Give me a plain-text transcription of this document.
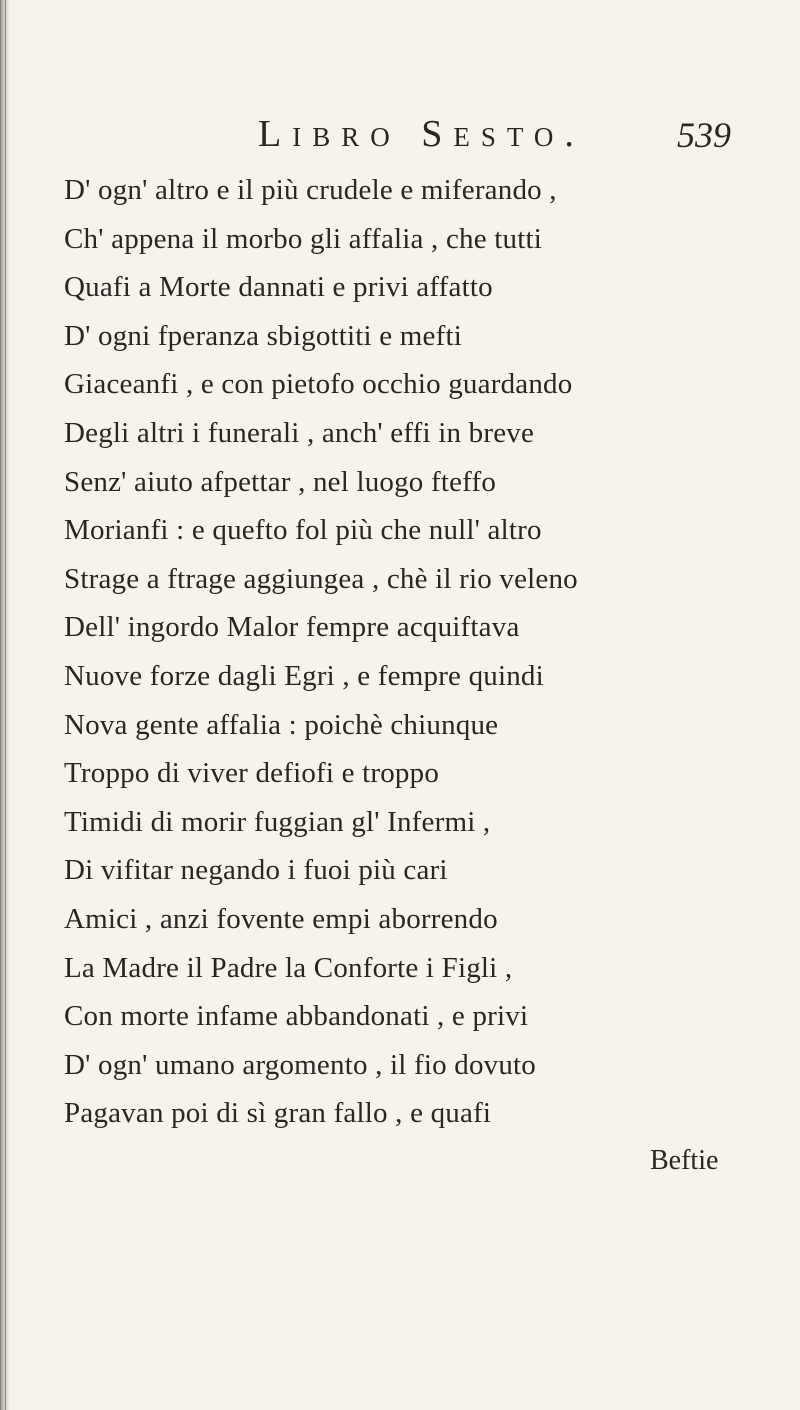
Libro Sesto.	539
D' ogn' altro e il più crudele e miferando ,
Ch' appena il morbo gli affalia , che tutti
Quafi a Morte dannati e privi affatto
D' ogni fperanza sbigottiti e mefti
Giaceanfi , e con pietofo occhio guardando
Degli altri i funerali , anch' effi in breve
Senz' aiuto afpettar , nel luogo fteffo
Morianfi : e quefto fol più che null' altro
Strage a ftrage aggiungea , chè il rio veleno
Dell' ingordo Malor fempre acquiftava
Nuove forze dagli Egri , e fempre quindi
Nova gente affalia : poichè chiunque
Troppo di viver defiofi e troppo
Timidi di morir fuggian gl' Infermi ,
Di vifitar negando i fuoi più cari
Amici , anzi fovente empi aborrendo
La Madre il Padre la Conforte i Figli ,
Con morte infame abbandonati , e privi
D' ogn' umano argomento , il fio dovuto
Pagavan poi di sì gran fallo , e quafi
Beftie
